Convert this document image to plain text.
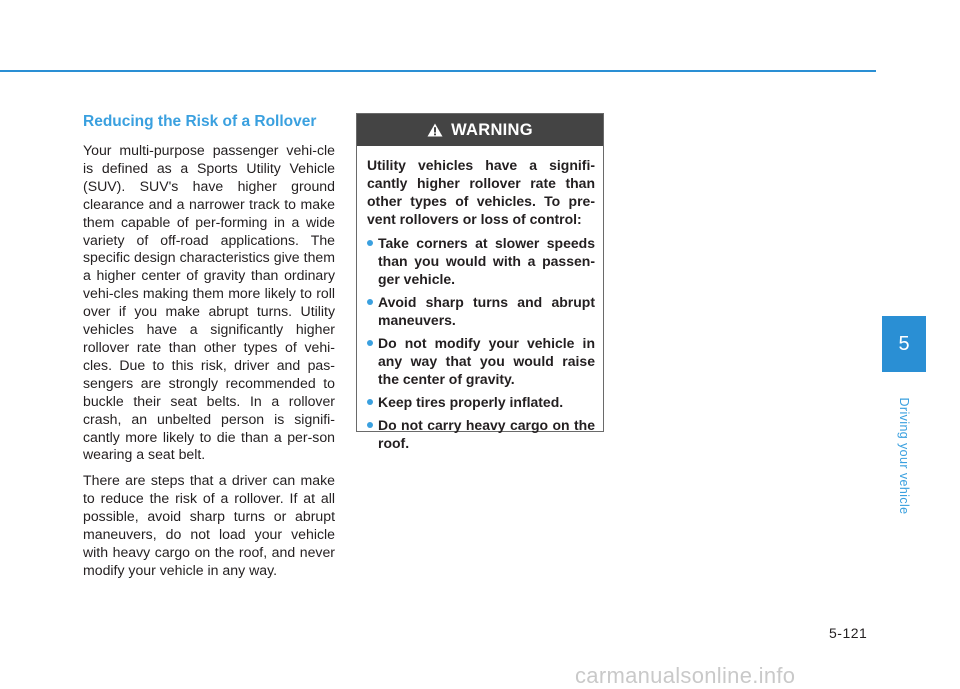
Reducing the Risk of a Rollover

Your multi-purpose passenger vehi-cle is defined as a Sports Utility Vehicle (SUV). SUV's have higher ground clearance and a narrower track to make them capable of per-forming in a wide variety of off-road applications. The specific design characteristics give them a higher center of gravity than ordinary vehi-cles making them more likely to roll over if you make abrupt turns. Utility vehicles have a significantly higher rollover rate than other types of vehi-cles. Due to this risk, driver and pas-sengers are strongly recommended to buckle their seat belts. In a rollover crash, an unbelted person is signifi-cantly more likely to die than a per-son wearing a seat belt.

There are steps that a driver can make to reduce the risk of a rollover. If at all possible, avoid sharp turns or abrupt maneuvers, do not load your vehicle with heavy cargo on the roof, and never modify your vehicle in any way.

WARNING

Utility vehicles have a signifi-cantly higher rollover rate than other types of vehicles. To pre-vent rollovers or loss of control:

Take corners at slower speeds than you would with a passen-ger vehicle.
Avoid sharp turns and abrupt maneuvers.
Do not modify your vehicle in any way that you would raise the center of gravity.
Keep tires properly inflated.
Do not carry heavy cargo on the roof.
5
Driving your vehicle
5-121
carmanualsonline.info
